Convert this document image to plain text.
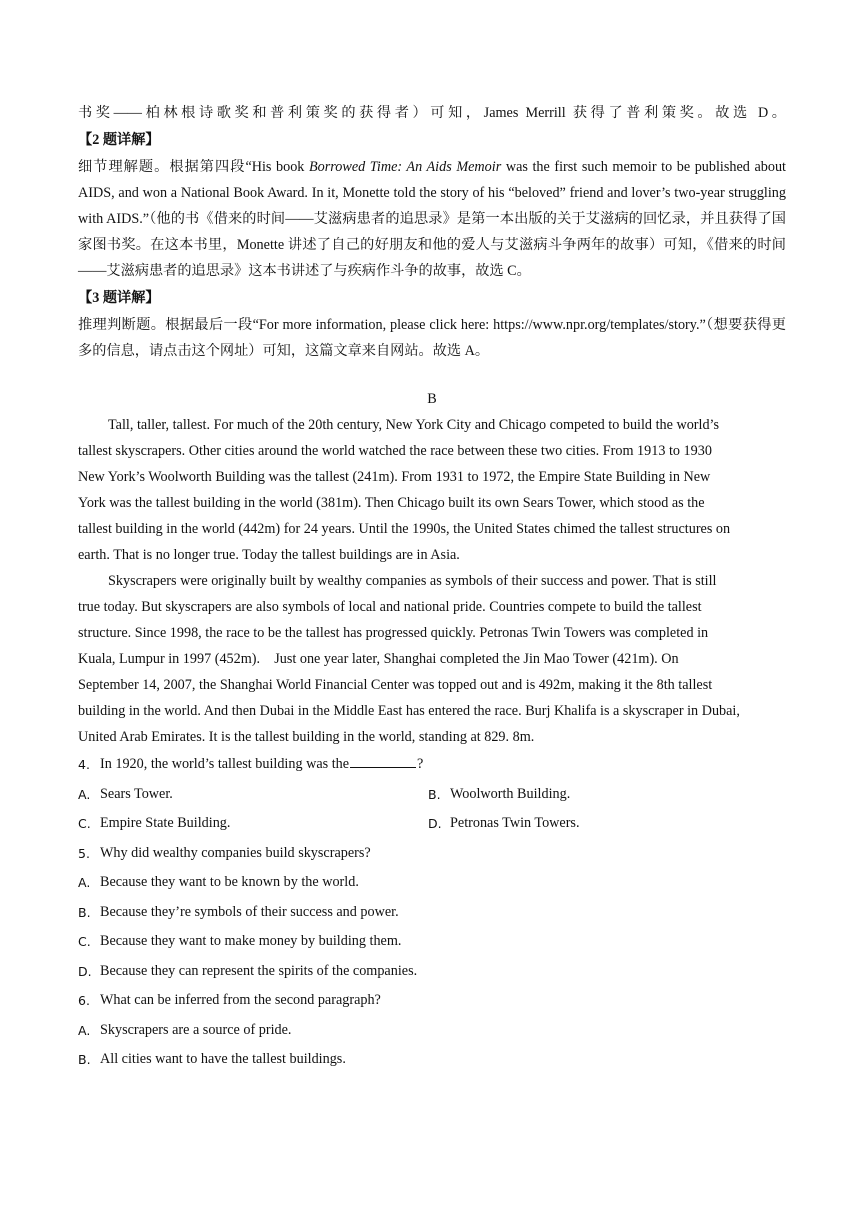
书奖——柏林根诗歌奖和普利策奖的获得者）可知，James Merrill 获得了普利策奖。故选 D。
【2 题详解】
细节理解题。根据第四段“His book Borrowed Time: An Aids Memoir was the first such memoir to be published about AIDS, and won a National Book Award. In it, Monette told the story of his “beloved” friend and lover’s two-year struggling with AIDS.”（他的书《借来的时间——艾滋病患者的追思录》是第一本出版的关于艾滋病的回忆录，并且获得了国家图书奖。在这本书里，Monette 讲述了自己的好朋友和他的爱人与艾滋病斗争两年的故事）可知，《借来的时间——艾滋病患者的追思录》这本书讲述了与疾病作斗争的故事，故选 C。
【3 题详解】
推理判断题。根据最后一段“For more information, please click here: https://www.npr.org/templates/story.”（想要获得更多的信息，请点击这个网址）可知，这篇文章来自网站。故选 A。
B
Tall, taller, tallest. For much of the 20th century, New York City and Chicago competed to build the world’s
tallest skyscrapers. Other cities around the world watched the race between these two cities. From 1913 to 1930
New York’s Woolworth Building was the tallest (241m). From 1931 to 1972, the Empire State Building in New
York was the tallest building in the world (381m). Then Chicago built its own Sears Tower, which stood as the
tallest building in the world (442m) for 24 years. Until the 1990s, the United States chimed the tallest structures on
earth. That is no longer true. Today the tallest buildings are in Asia.
Skyscrapers were originally built by wealthy companies as symbols of their success and power. That is still
true today. But skyscrapers are also symbols of local and national pride. Countries compete to build the tallest
structure. Since 1998, the race to be the tallest has progressed quickly. Petronas Twin Towers was completed in
Kuala, Lumpur in 1997 (452m).    Just one year later, Shanghai completed the Jin Mao Tower (421m). On
September 14, 2007, the Shanghai World Financial Center was topped out and is 492m, making it the 8th tallest
building in the world. And then Dubai in the Middle East has entered the race. Burj Khalifa is a skyscraper in Dubai,
United Arab Emirates. It is the tallest building in the world, standing at 829. 8m.
4. In 1920, the world’s tallest building was the	?
A. Sears Tower.	B. Woolworth Building.
C. Empire State Building.	D. Petronas Twin Towers.
5. Why did wealthy companies build skyscrapers?
A. Because they want to be known by the world.
B. Because they’re symbols of their success and power.
C. Because they want to make money by building them.
D. Because they can represent the spirits of the companies.
6. What can be inferred from the second paragraph?
A. Skyscrapers are a source of pride.
B. All cities want to have the tallest buildings.
